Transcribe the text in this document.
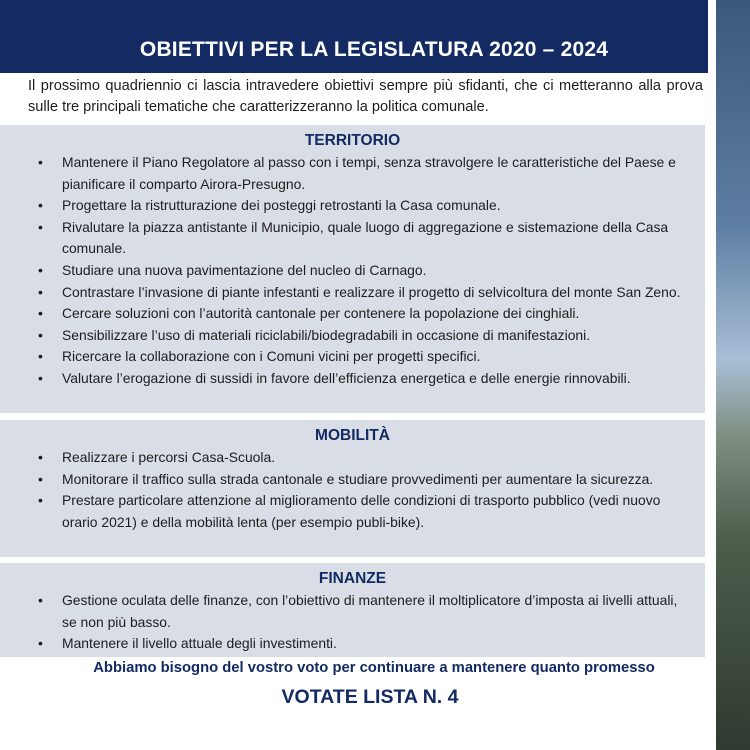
OBIETTIVI PER LA LEGISLATURA 2020 – 2024
Il prossimo quadriennio ci lascia intravedere obiettivi sempre più sfidanti, che ci metteranno alla prova sulle tre principali tematiche che caratterizzeranno la politica comunale.
TERRITORIO
• Mantenere il Piano Regolatore al passo con i tempi, senza stravolgere le caratteristiche del Paese e pianificare il comparto Airora-Presugno.
• Progettare la ristrutturazione dei posteggi retrostanti la Casa comunale.
• Rivalutare la piazza antistante il Municipio, quale luogo di aggregazione e sistemazione della Casa comunale.
• Studiare una nuova pavimentazione del nucleo di Carnago.
• Contrastare l’invasione di piante infestanti e realizzare il progetto di selvicoltura del monte San Zeno.
• Cercare soluzioni con l’autorità cantonale per contenere la popolazione dei cinghiali.
• Sensibilizzare l’uso di materiali riciclabili/biodegradabili in occasione di manifestazioni.
• Ricercare la collaborazione con i Comuni vicini per progetti specifici.
• Valutare l’erogazione di sussidi in favore dell’efficienza energetica e delle energie rinnovabili.
MOBILITÀ
• Realizzare i percorsi Casa-Scuola.
• Monitorare il traffico sulla strada cantonale e studiare provvedimenti per aumentare la sicurezza.
• Prestare particolare attenzione al miglioramento delle condizioni di trasporto pubblico (vedi nuovo orario 2021) e della mobilità lenta (per esempio publi-bike).
FINANZE
• Gestione oculata delle finanze, con l’obiettivo di mantenere il moltiplicatore d’imposta ai livelli attuali, se non più basso.
• Mantenere il livello attuale degli investimenti.
Abbiamo bisogno del vostro voto per continuare a mantenere quanto promesso
VOTATE LISTA N. 4
